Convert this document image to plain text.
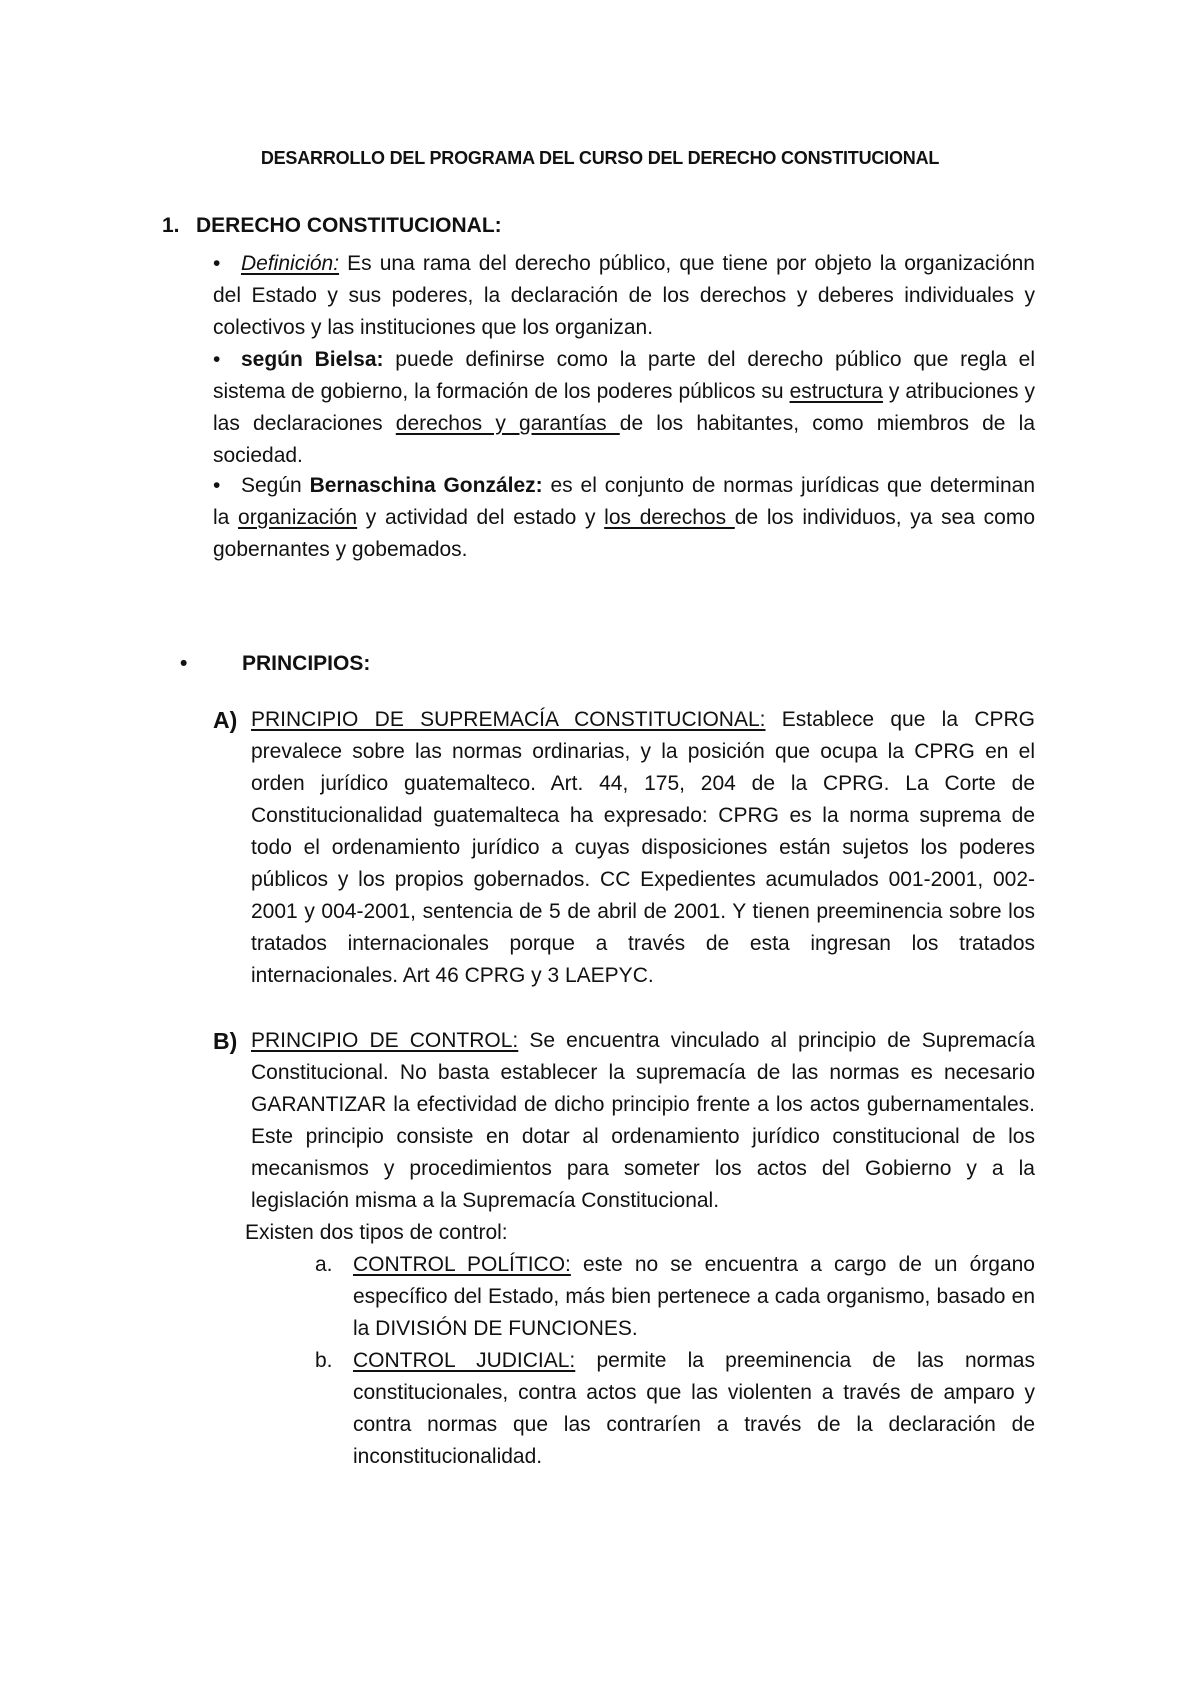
DESARROLLO DEL PROGRAMA DEL CURSO DEL DERECHO CONSTITUCIONAL
1. DERECHO CONSTITUCIONAL:
• Definición: Es una rama del derecho público, que tiene por objeto la organizaciónn del Estado y sus poderes, la declaración de los derechos y deberes individuales y colectivos y las instituciones que los organizan.
• según Bielsa: puede definirse como la parte del derecho público que regla el sistema de gobierno, la formación de los poderes públicos su estructura y atribuciones y las declaraciones derechos y garantías de los habitantes, como miembros de la sociedad.
• Según Bernaschina González: es el conjunto de normas jurídicas que determinan la organización y actividad del estado y los derechos de los individuos, ya sea como gobernantes y gobemados.
•	PRINCIPIOS:
A) PRINCIPIO DE SUPREMACÍA CONSTITUCIONAL: Establece que la CPRG prevalece sobre las normas ordinarias, y la posición que ocupa la CPRG en el orden jurídico guatemalteco. Art. 44, 175, 204 de la CPRG. La Corte de Constitucionalidad guatemalteca ha expresado: CPRG es la norma suprema de todo el ordenamiento jurídico a cuyas disposiciones están sujetos los poderes públicos y los propios gobernados. CC Expedientes acumulados 001-2001, 002-2001 y 004-2001, sentencia de 5 de abril de 2001. Y tienen preeminencia sobre los tratados internacionales porque a través de esta ingresan los tratados internacionales. Art 46 CPRG y 3 LAEPYC.
B) PRINCIPIO DE CONTROL: Se encuentra vinculado al principio de Supremacía Constitucional. No basta establecer la supremacía de las normas es necesario GARANTIZAR la efectividad de dicho principio frente a los actos gubernamentales. Este principio consiste en dotar al ordenamiento jurídico constitucional de los mecanismos y procedimientos para someter los actos del Gobierno y a la legislación misma a la Supremacía Constitucional.
Existen dos tipos de control:
a. CONTROL POLÍTICO: este no se encuentra a cargo de un órgano específico del Estado, más bien pertenece a cada organismo, basado en la DIVISIÓN DE FUNCIONES.
b. CONTROL JUDICIAL: permite la preeminencia de las normas constitucionales, contra actos que las violenten a través de amparo y contra normas que las contraríen a través de la declaración de inconstitucionalidad.
